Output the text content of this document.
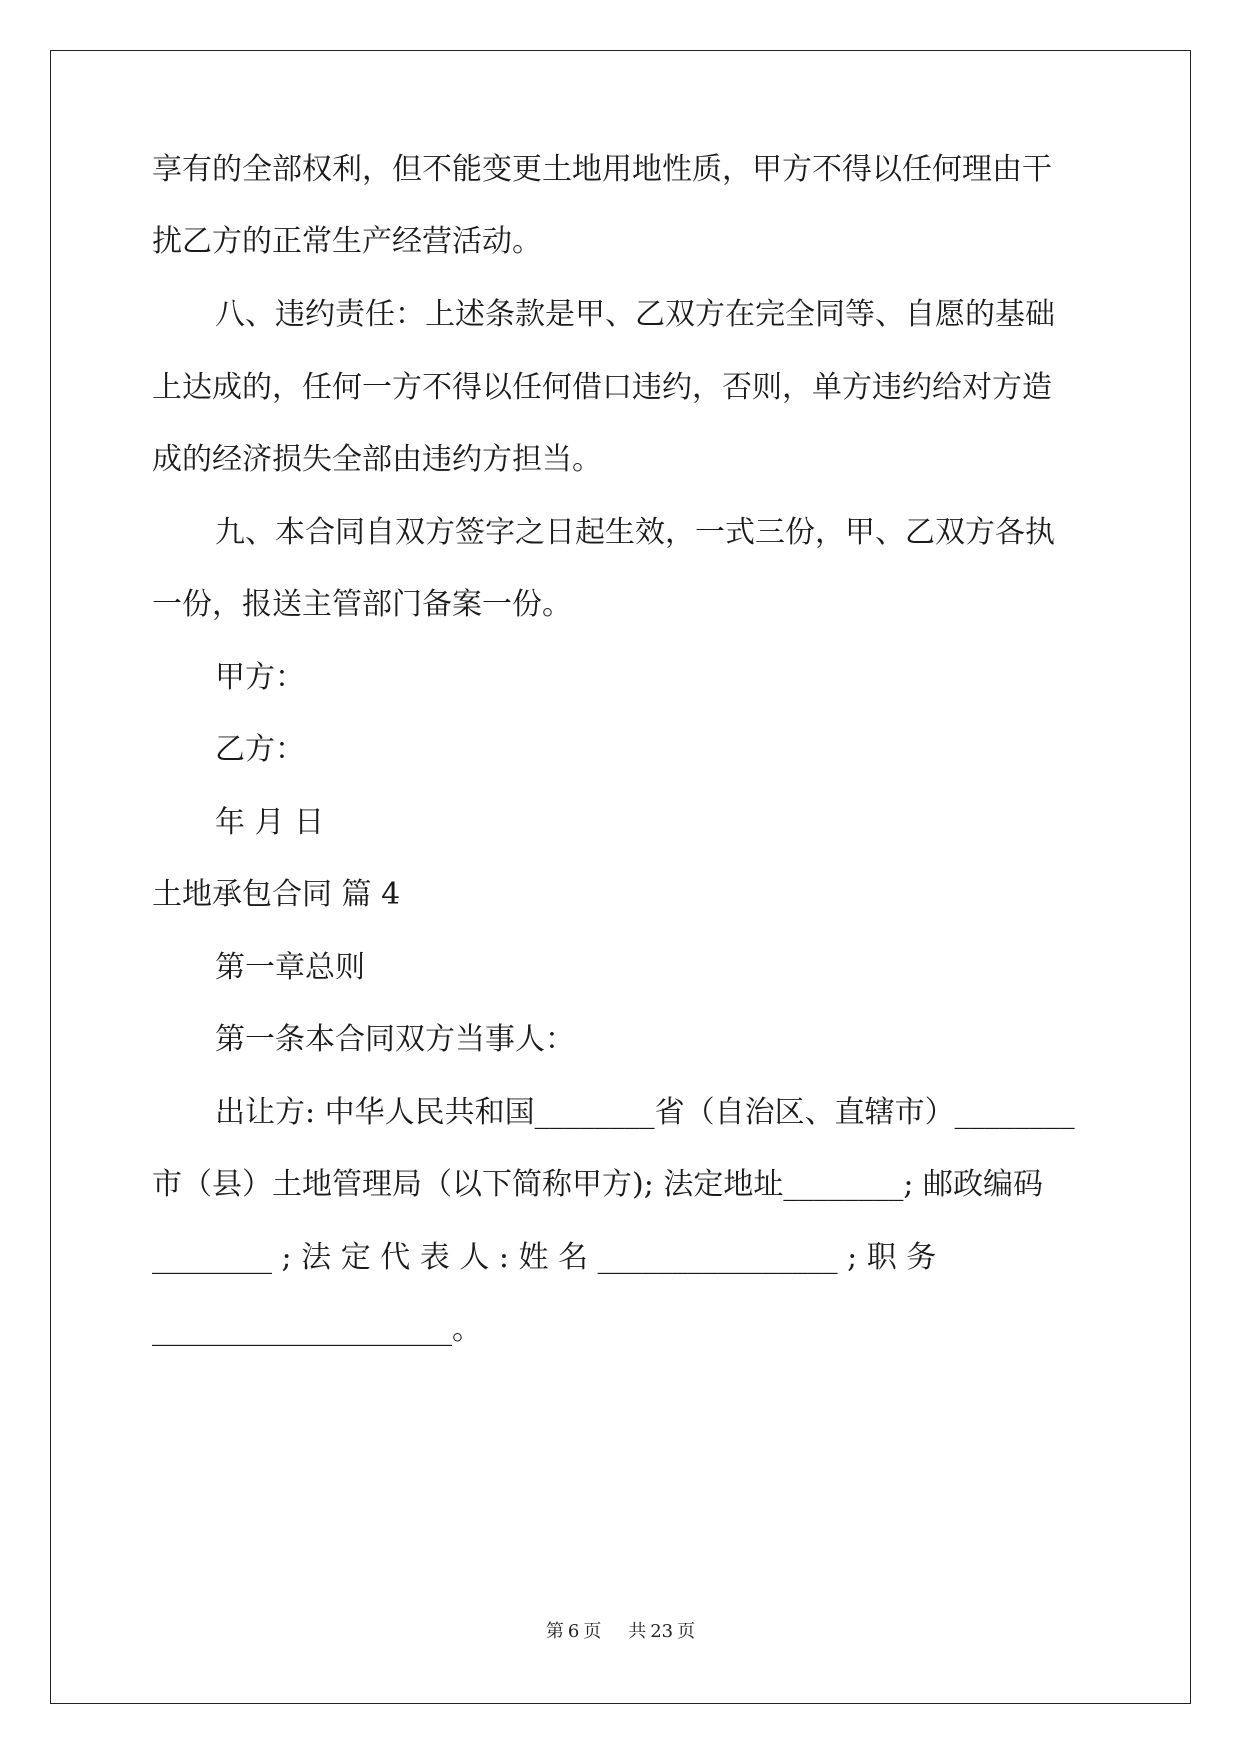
享有的全部权利，但不能变更土地用地性质，甲方不得以任何理由干
扰乙方的正常生产经营活动。
八、违约责任：上述条款是甲、乙双方在完全同等、自愿的基础
上达成的，任何一方不得以任何借口违约，否则，单方违约给对方造
成的经济损失全部由违约方担当。
九、本合同自双方签字之日起生效，一式三份，甲、乙双方各执
一份，报送主管部门备案一份。
甲方：
乙方：
年 月 日
土地承包合同 篇 4
第一章总则
第一条本合同双方当事人：
出让方: 中华人民共和国________省（自治区、直辖市）________
市（县）土地管理局（以下简称甲方); 法定地址________; 邮政编码
________ ; 法 定 代 表 人 : 姓 名 ________________ ; 职 务
____________________。
第 6 页 共 23 页
